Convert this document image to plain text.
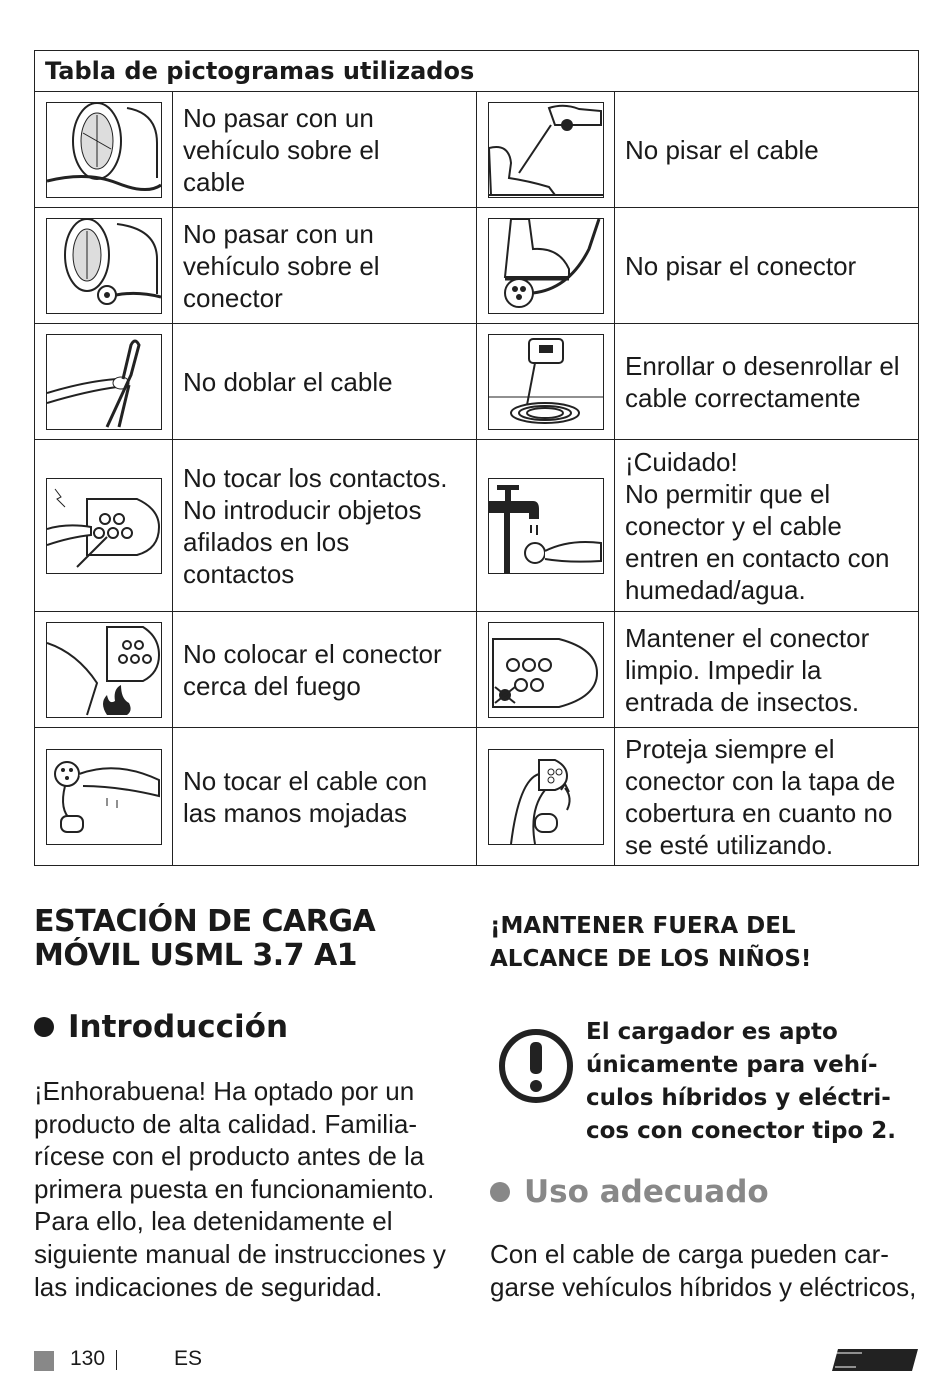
Tabla de pictogramas utilizados			

No pasar con un
vehículo sobre el
cable		No pisar el cable

No pasar con un
vehículo sobre el
conector		No pisar el conector

No doblar el cable		Enrollar o desenrollar el
cable correctamente

No tocar los contactos.
No introducir objetos
afilados en los
contactos		¡Cuidado!
No permitir que el
conector y el cable
entren en contacto con
humedad/agua.

No colocar el conector
cerca del fuego		Mantener el conector
limpio. Impedir la
entrada de insectos.

No tocar el cable con
las manos mojadas		Proteja siempre el
conector con la tapa de
cobertura en cuanto no
se esté utilizando.
ESTACIÓN DE CARGA
MÓVIL USML 3.7 A1
Introducción

¡Enhorabuena! Ha optado por un
producto de alta calidad. Familia-
rícese con el producto antes de la
primera puesta en funcionamiento.
Para ello, lea detenidamente el
siguiente manual de instrucciones y
las indicaciones de seguridad.

¡MANTENER FUERA DEL
ALCANCE DE LOS NIÑOS!

El cargador es apto
únicamente para vehí-
culos híbridos y eléctri-
cos con conector tipo 2.

Uso adecuado

Con el cable de carga pueden car-
garse vehículos híbridos y eléctricos,

130	ES
